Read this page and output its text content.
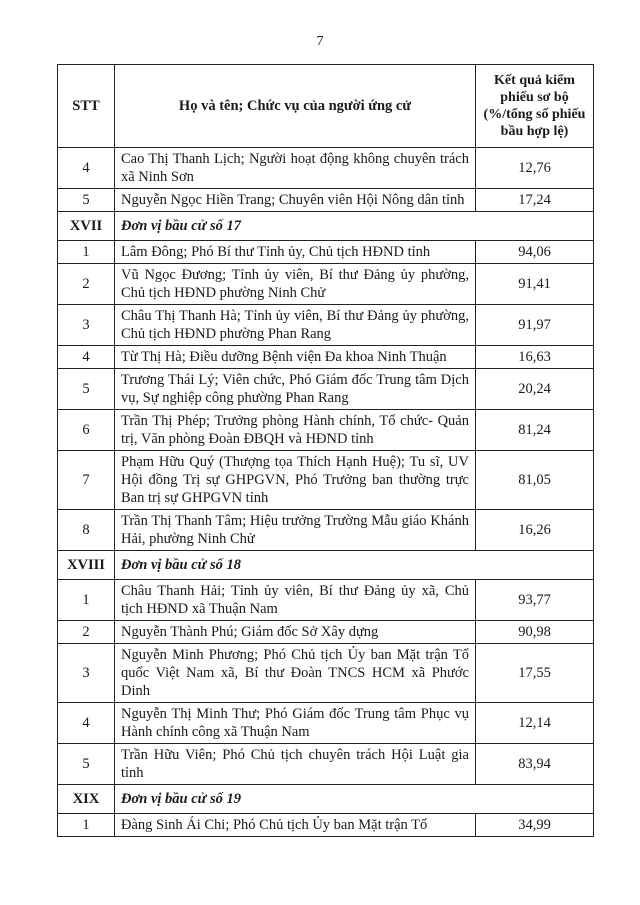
7
STT	Họ và tên; Chức vụ của người ứng cử	Kết quả kiểm phiếu sơ bộ (%/tổng số phiếu bầu hợp lệ)
4	Cao Thị Thanh Lịch; Người hoạt động không chuyên trách xã Ninh Sơn	12,76
5	Nguyễn Ngọc Hiền Trang; Chuyên viên Hội Nông dân tỉnh	17,24
XVII	Đơn vị bầu cử số 17	
1	Lâm Đông; Phó Bí thư Tỉnh ủy, Chủ tịch HĐND tỉnh	94,06
2	Vũ Ngọc Đương; Tỉnh ủy viên, Bí thư Đảng ủy phường, Chủ tịch HĐND phường Ninh Chử	91,41
3	Châu Thị Thanh Hà; Tỉnh ủy viên, Bí thư Đảng ủy phường, Chủ tịch HĐND phường Phan Rang	91,97
4	Từ Thị Hà; Điều dưỡng Bệnh viện Đa khoa Ninh Thuận	16,63
5	Trương Thái Lý; Viên chức, Phó Giám đốc Trung tâm Dịch vụ, Sự nghiệp công phường Phan Rang	20,24
6	Trần Thị Phép; Trưởng phòng Hành chính, Tổ chức- Quản trị, Văn phòng Đoàn ĐBQH và HĐND tỉnh	81,24
7	Phạm Hữu Quý (Thượng tọa Thích Hạnh Huệ); Tu sĩ, UV Hội đồng Trị sự GHPGVN, Phó Trưởng ban thường trực Ban trị sự GHPGVN tỉnh	81,05
8	Trần Thị Thanh Tâm; Hiệu trưởng Trường Mẫu giáo Khánh Hải, phường Ninh Chử	16,26
XVIII	Đơn vị bầu cử số 18	
1	Châu Thanh Hải; Tỉnh ủy viên, Bí thư Đảng ủy xã, Chủ tịch HĐND xã Thuận Nam	93,77
2	Nguyễn Thành Phú; Giám đốc Sở Xây dựng	90,98
3	Nguyễn Minh Phương; Phó Chủ tịch Ủy ban Mặt trận Tổ quốc Việt Nam xã, Bí thư Đoàn TNCS HCM xã Phước Dinh	17,55
4	Nguyễn Thị Minh Thư; Phó Giám đốc Trung tâm Phục vụ Hành chính công xã Thuận Nam	12,14
5	Trần Hữu Viên; Phó Chủ tịch chuyên trách Hội Luật gia tỉnh	83,94
XIX	Đơn vị bầu cử số 19	
1	Đàng Sinh Ái Chi; Phó Chủ tịch Ủy ban Mặt trận Tổ	34,99
